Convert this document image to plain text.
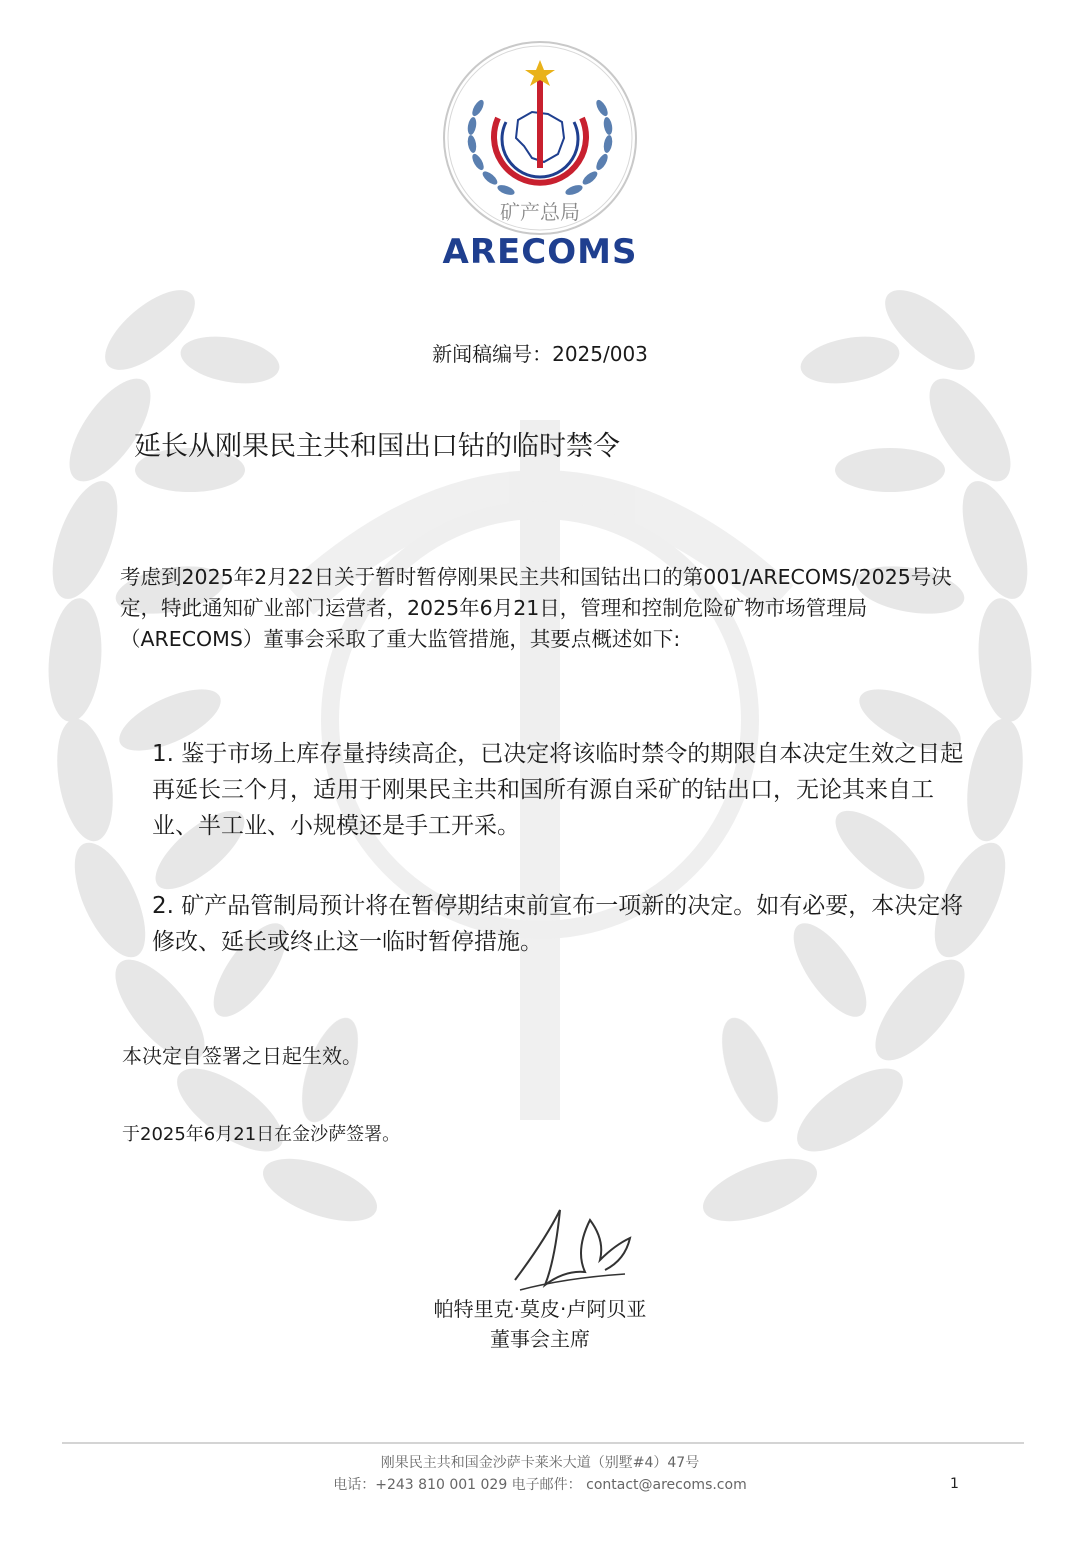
矿产总局
ARECOMS
新闻稿编号：2025/003
延长从刚果民主共和国出口钴的临时禁令

考虑到2025年2月22日关于暂时暂停刚果民主共和国钴出口的第001/ARECOMS/2025号决定，特此通知矿业部门运营者，2025年6月21日，管理和控制危险矿物市场管理局（ARECOMS）董事会采取了重大监管措施，其要点概述如下:

1. 鉴于市场上库存量持续高企，已决定将该临时禁令的期限自本决定生效之日起再延长三个月，适用于刚果民主共和国所有源自采矿的钴出口，无论其来自工业、半工业、小规模还是手工开采。

2. 矿产品管制局预计将在暂停期结束前宣布一项新的决定。如有必要，本决定将修改、延长或终止这一临时暂停措施。

本决定自签署之日起生效。

于2025年6月21日在金沙萨签署。

帕特里克·莫皮·卢阿贝亚
董事会主席
刚果民主共和国金沙萨卡莱米大道（别墅#4）47号
电话：+243 810 001 029 电子邮件： contact@arecoms.com	1
